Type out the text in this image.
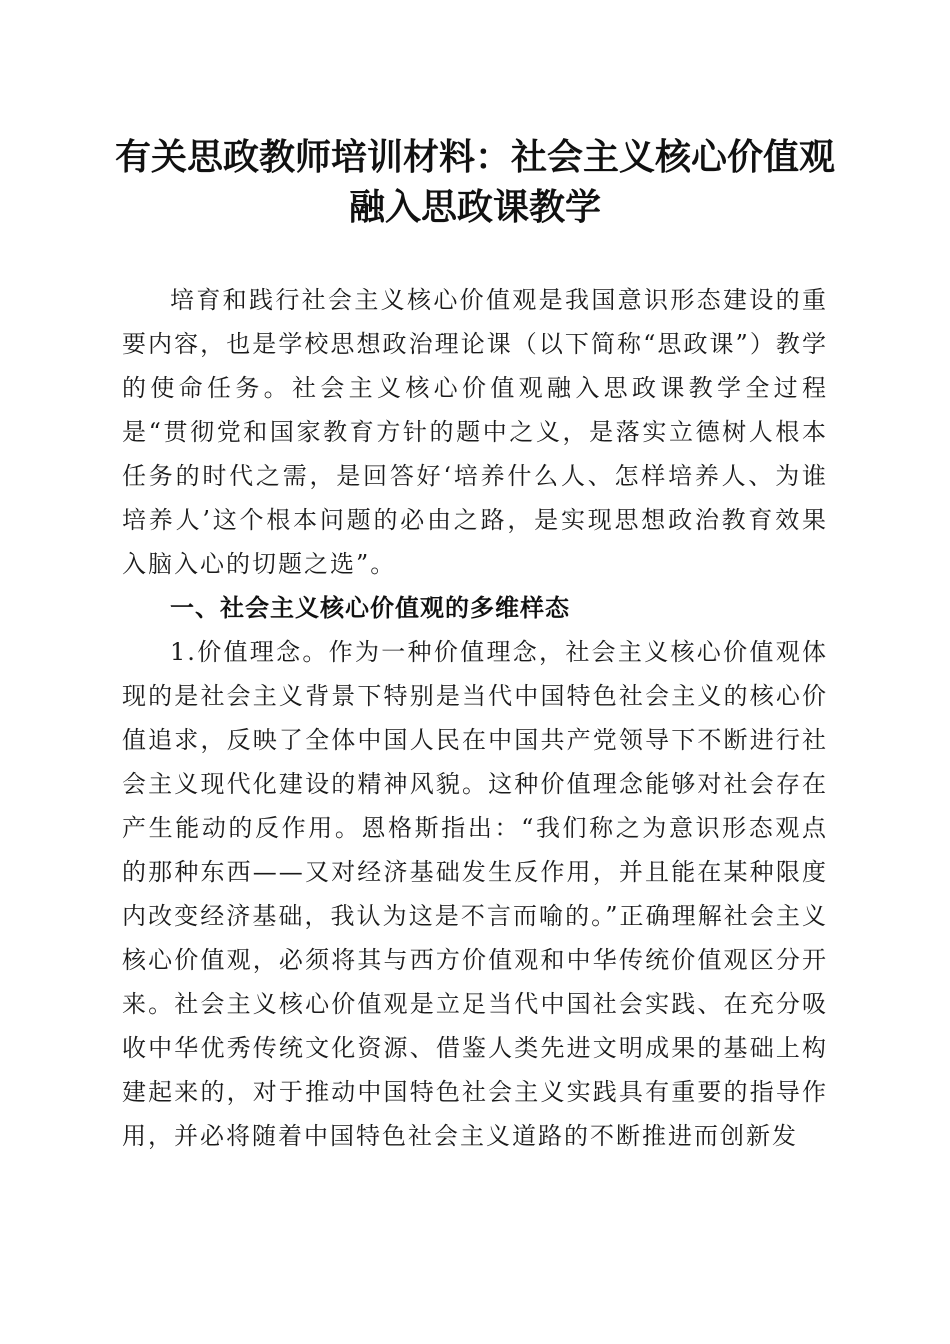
有关思政教师培训材料：社会主义核心价值观
融入思政课教学

培育和践行社会主义核心价值观是我国意识形态建设的重要内容，也是学校思想政治理论课（以下简称“思政课”）教学的使命任务。社会主义核心价值观融入思政课教学全过程是“贯彻党和国家教育方针的题中之义，是落实立德树人根本任务的时代之需，是回答好‘培养什么人、怎样培养人、为谁培养人’这个根本问题的必由之路，是实现思想政治教育效果入脑入心的切题之选”。

一、社会主义核心价值观的多维样态

1.价值理念。作为一种价值理念，社会主义核心价值观体现的是社会主义背景下特别是当代中国特色社会主义的核心价值追求，反映了全体中国人民在中国共产党领导下不断进行社会主义现代化建设的精神风貌。这种价值理念能够对社会存在产生能动的反作用。恩格斯指出：“我们称之为意识形态观点的那种东西——又对经济基础发生反作用，并且能在某种限度内改变经济基础，我认为这是不言而喻的。”正确理解社会主义核心价值观，必须将其与西方价值观和中华传统价值观区分开来。社会主义核心价值观是立足当代中国社会实践、在充分吸收中华优秀传统文化资源、借鉴人类先进文明成果的基础上构建起来的，对于推动中国特色社会主义实践具有重要的指导作用，并必将随着中国特色社会主义道路的不断推进而创新发
